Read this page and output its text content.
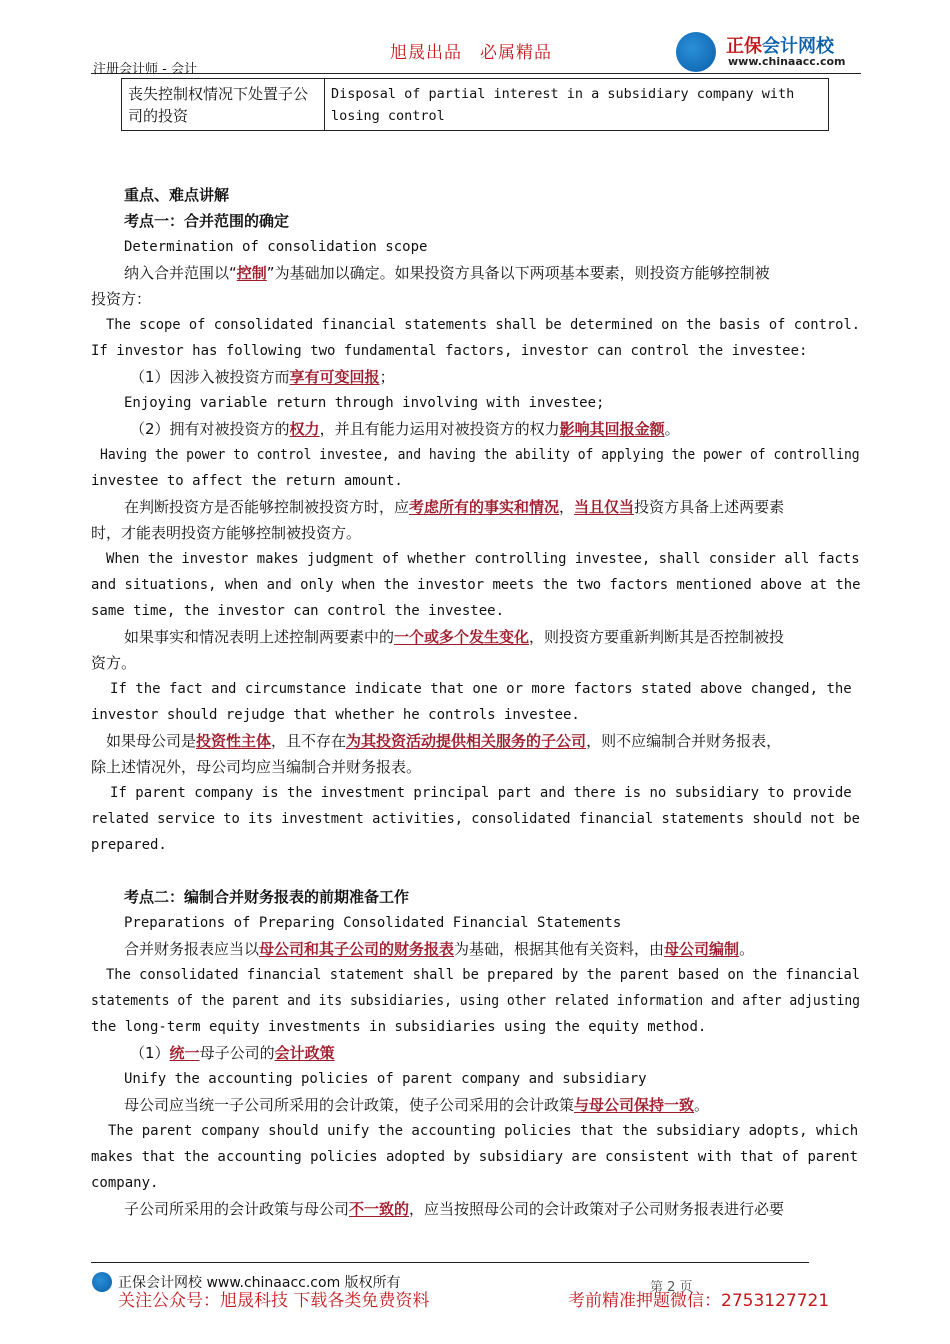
注册会计师 - 会计
旭晟出品　必属精品	正保会计网校
www.chinaacc.com
丧失控制权情况下处置子公司的投资
Disposal of partial interest in a subsidiary company with losing control
重点、难点讲解
考点一：合并范围的确定
Determination of consolidation scope
纳入合并范围以“控制”为基础加以确定。如果投资方具备以下两项基本要素，则投资方能够控制被
投资方：
The scope of consolidated financial statements shall be determined on the basis of control.
If investor has following two fundamental factors, investor can control the investee:
（1）因涉入被投资方而享有可变回报；
Enjoying variable return through involving with investee;
（2）拥有对被投资方的权力，并且有能力运用对被投资方的权力影响其回报金额。
Having the power to control investee, and having the ability of applying the power of controlling
investee to affect the return amount.
在判断投资方是否能够控制被投资方时，应考虑所有的事实和情况，当且仅当投资方具备上述两要素
时，才能表明投资方能够控制被投资方。
When the investor makes judgment of whether controlling investee, shall consider all facts
and situations, when and only when the investor meets the two factors mentioned above at the
same time, the investor can control the investee.
如果事实和情况表明上述控制两要素中的一个或多个发生变化，则投资方要重新判断其是否控制被投
资方。
If the fact and circumstance indicate that one or more factors stated above changed, the
investor should rejudge that whether he controls investee.
如果母公司是投资性主体，且不存在为其投资活动提供相关服务的子公司，则不应编制合并财务报表，
除上述情况外，母公司均应当编制合并财务报表。
If parent company is the investment principal part and there is no subsidiary to provide
related service to its investment activities, consolidated financial statements should not be
prepared.
考点二：编制合并财务报表的前期准备工作
Preparations of Preparing Consolidated Financial Statements
合并财务报表应当以母公司和其子公司的财务报表为基础，根据其他有关资料，由母公司编制。
The consolidated financial statement shall be prepared by the parent based on the financial
statements of the parent and its subsidiaries, using other related information and after adjusting
the long-term equity investments in subsidiaries using the equity method.
（1）统一母子公司的会计政策
Unify the accounting policies of parent company and subsidiary
母公司应当统一子公司所采用的会计政策，使子公司采用的会计政策与母公司保持一致。
The parent company should unify the accounting policies that the subsidiary adopts, which
makes that the accounting policies adopted by subsidiary are consistent with that of parent
company.
子公司所采用的会计政策与母公司不一致的，应当按照母公司的会计政策对子公司财务报表进行必要
正保会计网校 www.chinaacc.com 版权所有	第 2 页
关注公众号：旭晟科技 下载各类免费资料	考前精准押题微信：2753127721
